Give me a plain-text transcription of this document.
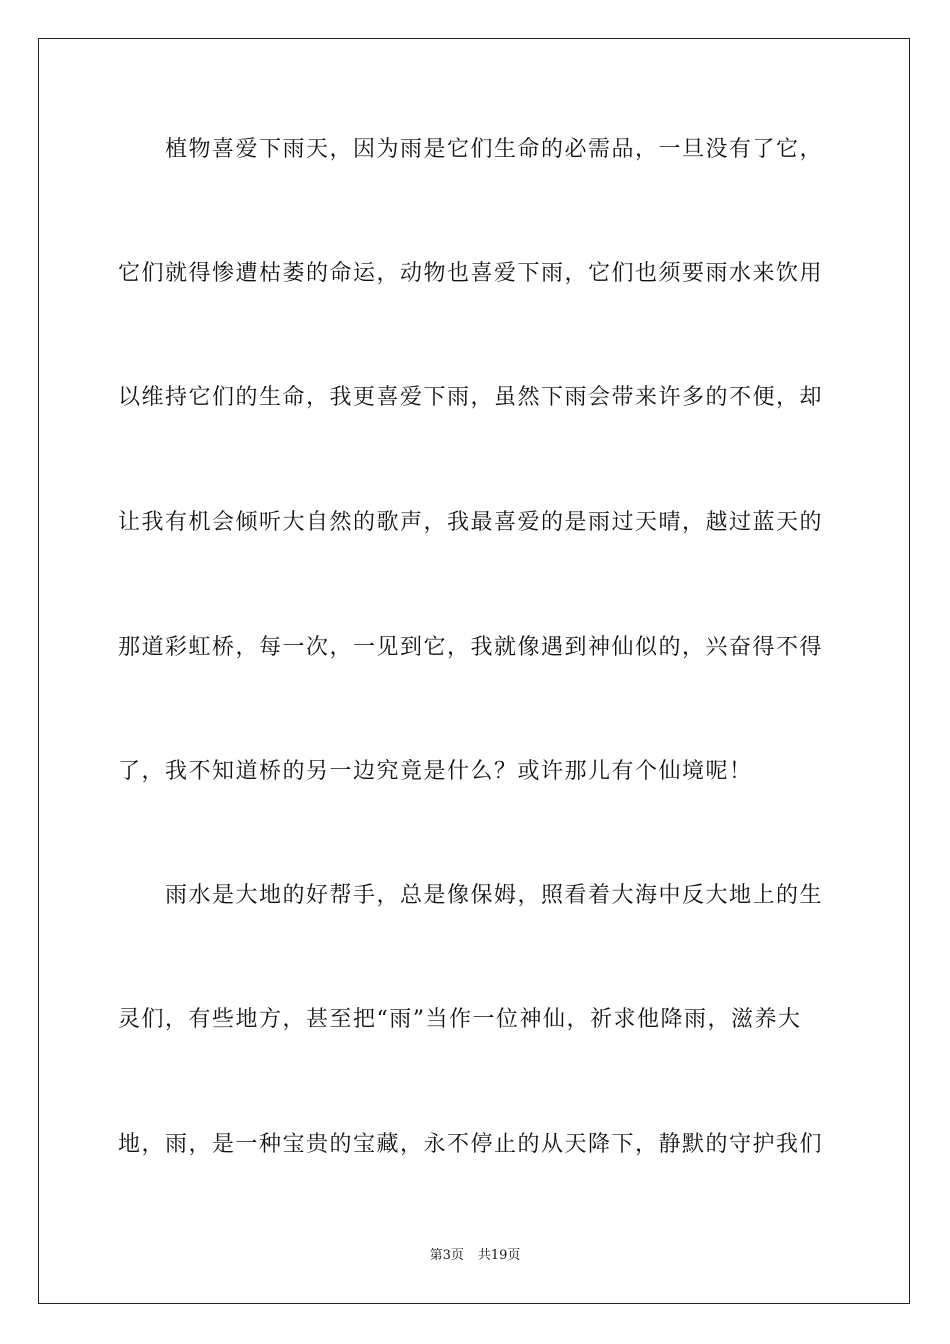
植物喜爱下雨天，因为雨是它们生命的必需品，一旦没有了它，
它们就得惨遭枯萎的命运，动物也喜爱下雨，它们也须要雨水来饮用
以维持它们的生命，我更喜爱下雨，虽然下雨会带来许多的不便，却
让我有机会倾听大自然的歌声，我最喜爱的是雨过天晴，越过蓝天的
那道彩虹桥，每一次，一见到它，我就像遇到神仙似的，兴奋得不得
了，我不知道桥的另一边究竟是什么？或许那儿有个仙境呢！
雨水是大地的好帮手，总是像保姆，照看着大海中反大地上的生
灵们，有些地方，甚至把“雨”当作一位神仙，祈求他降雨，滋养大
地，雨，是一种宝贵的宝藏，永不停止的从天降下，静默的守护我们
第3页 共19页
